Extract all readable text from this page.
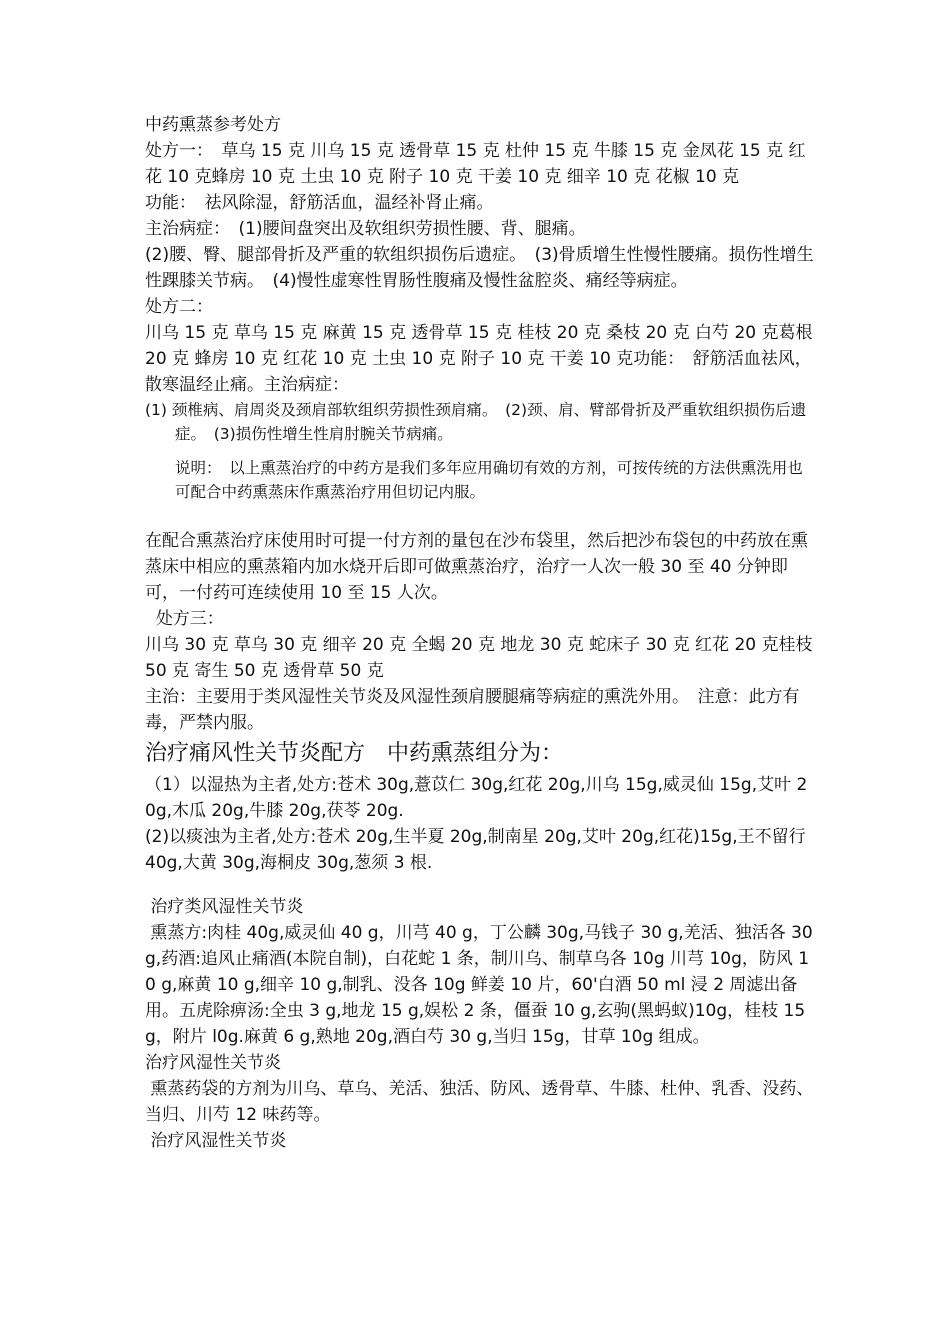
中药熏蒸参考处方

处方一：　草乌 15 克 川乌 15 克 透骨草 15 克 杜仲 15 克 牛膝 15 克 金凤花 15 克 红花 10 克蜂房 10 克 土虫 10 克 附子 10 克 干姜 10 克 细辛 10 克 花椒 10 克

功能：　祛风除湿，舒筋活血，温经补肾止痛。

主治病症：　(1)腰间盘突出及软组织劳损性腰、背、腿痛。

(2)腰、臀、腿部骨折及严重的软组织损伤后遗症。　(3)骨质增生性慢性腰痛。损伤性增生性踝膝关节病。　(4)慢性虚寒性胃肠性腹痛及慢性盆腔炎、痛经等病症。

处方二：

川乌 15 克 草乌 15 克 麻黄 15 克 透骨草 15 克 桂枝 20 克 桑枝 20 克 白芍 20 克葛根 20 克 蜂房 10 克 红花 10 克 土虫 10 克 附子 10 克 干姜 10 克功能：　舒筋活血祛风，散寒温经止痛。主治病症：

(1) 颈椎病、肩周炎及颈肩部软组织劳损性颈肩痛。　(2)颈、肩、臂部骨折及严重软组织损伤后遗症。　(3)损伤性增生性肩肘腕关节病痛。

说明：　以上熏蒸治疗的中药方是我们多年应用确切有效的方剂，可按传统的方法供熏洗用也可配合中药熏蒸床作熏蒸治疗用但切记内服。

在配合熏蒸治疗床使用时可提一付方剂的量包在沙布袋里，然后把沙布袋包的中药放在熏蒸床中相应的熏蒸箱内加水烧开后即可做熏蒸治疗，治疗一人次一般 30 至 40 分钟即可，一付药可连续使用 10 至 15 人次。

处方三：

川乌 30 克 草乌 30 克 细辛 20 克 全蝎 20 克 地龙 30 克 蛇床子 30 克 红花 20 克桂枝 50 克 寄生 50 克 透骨草 50 克

主治：主要用于类风湿性关节炎及风湿性颈肩腰腿痛等病症的熏洗外用。　注意：此方有毒，严禁内服。

治疗痛风性关节炎配方　中药熏蒸组分为：

（1）以湿热为主者,处方:苍术 30g,薏苡仁 30g,红花 20g,川乌 15g,威灵仙 15g,艾叶 20g,木瓜 20g,牛膝 20g,茯苓 20g.

(2)以痰浊为主者,处方:苍术 20g,生半夏 20g,制南星 20g,艾叶 20g,红花)15g,王不留行 40g,大黄 30g,海桐皮 30g,葱须 3 根.

治疗类风湿性关节炎

熏蒸方:肉桂 40g,威灵仙 40 g，川芎 40 g，丁公麟 30g,马钱子 30 g,羌活、独活各 30 g,药酒:追风止痛酒(本院自制)，白花蛇 1 条，制川乌、制草乌各 10g 川芎 10g，防风 10 g,麻黄 10 g,细辛 10 g,制乳、没各 10g 鲜姜 10 片，60'白酒 50 ml 浸 2 周滤出备用。五虎除痹汤:全虫 3 g,地龙 15 g,娱松 2 条，僵蚕 10 g,玄驹(黑蚂蚁)10g，桂枝 15g，附片 l0g.麻黄 6 g,熟地 20g,酒白芍 30 g,当归 15g，甘草 10g 组成。

治疗风湿性关节炎

熏蒸药袋的方剂为川乌、草乌、羌活、独活、防风、透骨草、牛膝、杜仲、乳香、没药、当归、川芍 12 味药等。

治疗风湿性关节炎
